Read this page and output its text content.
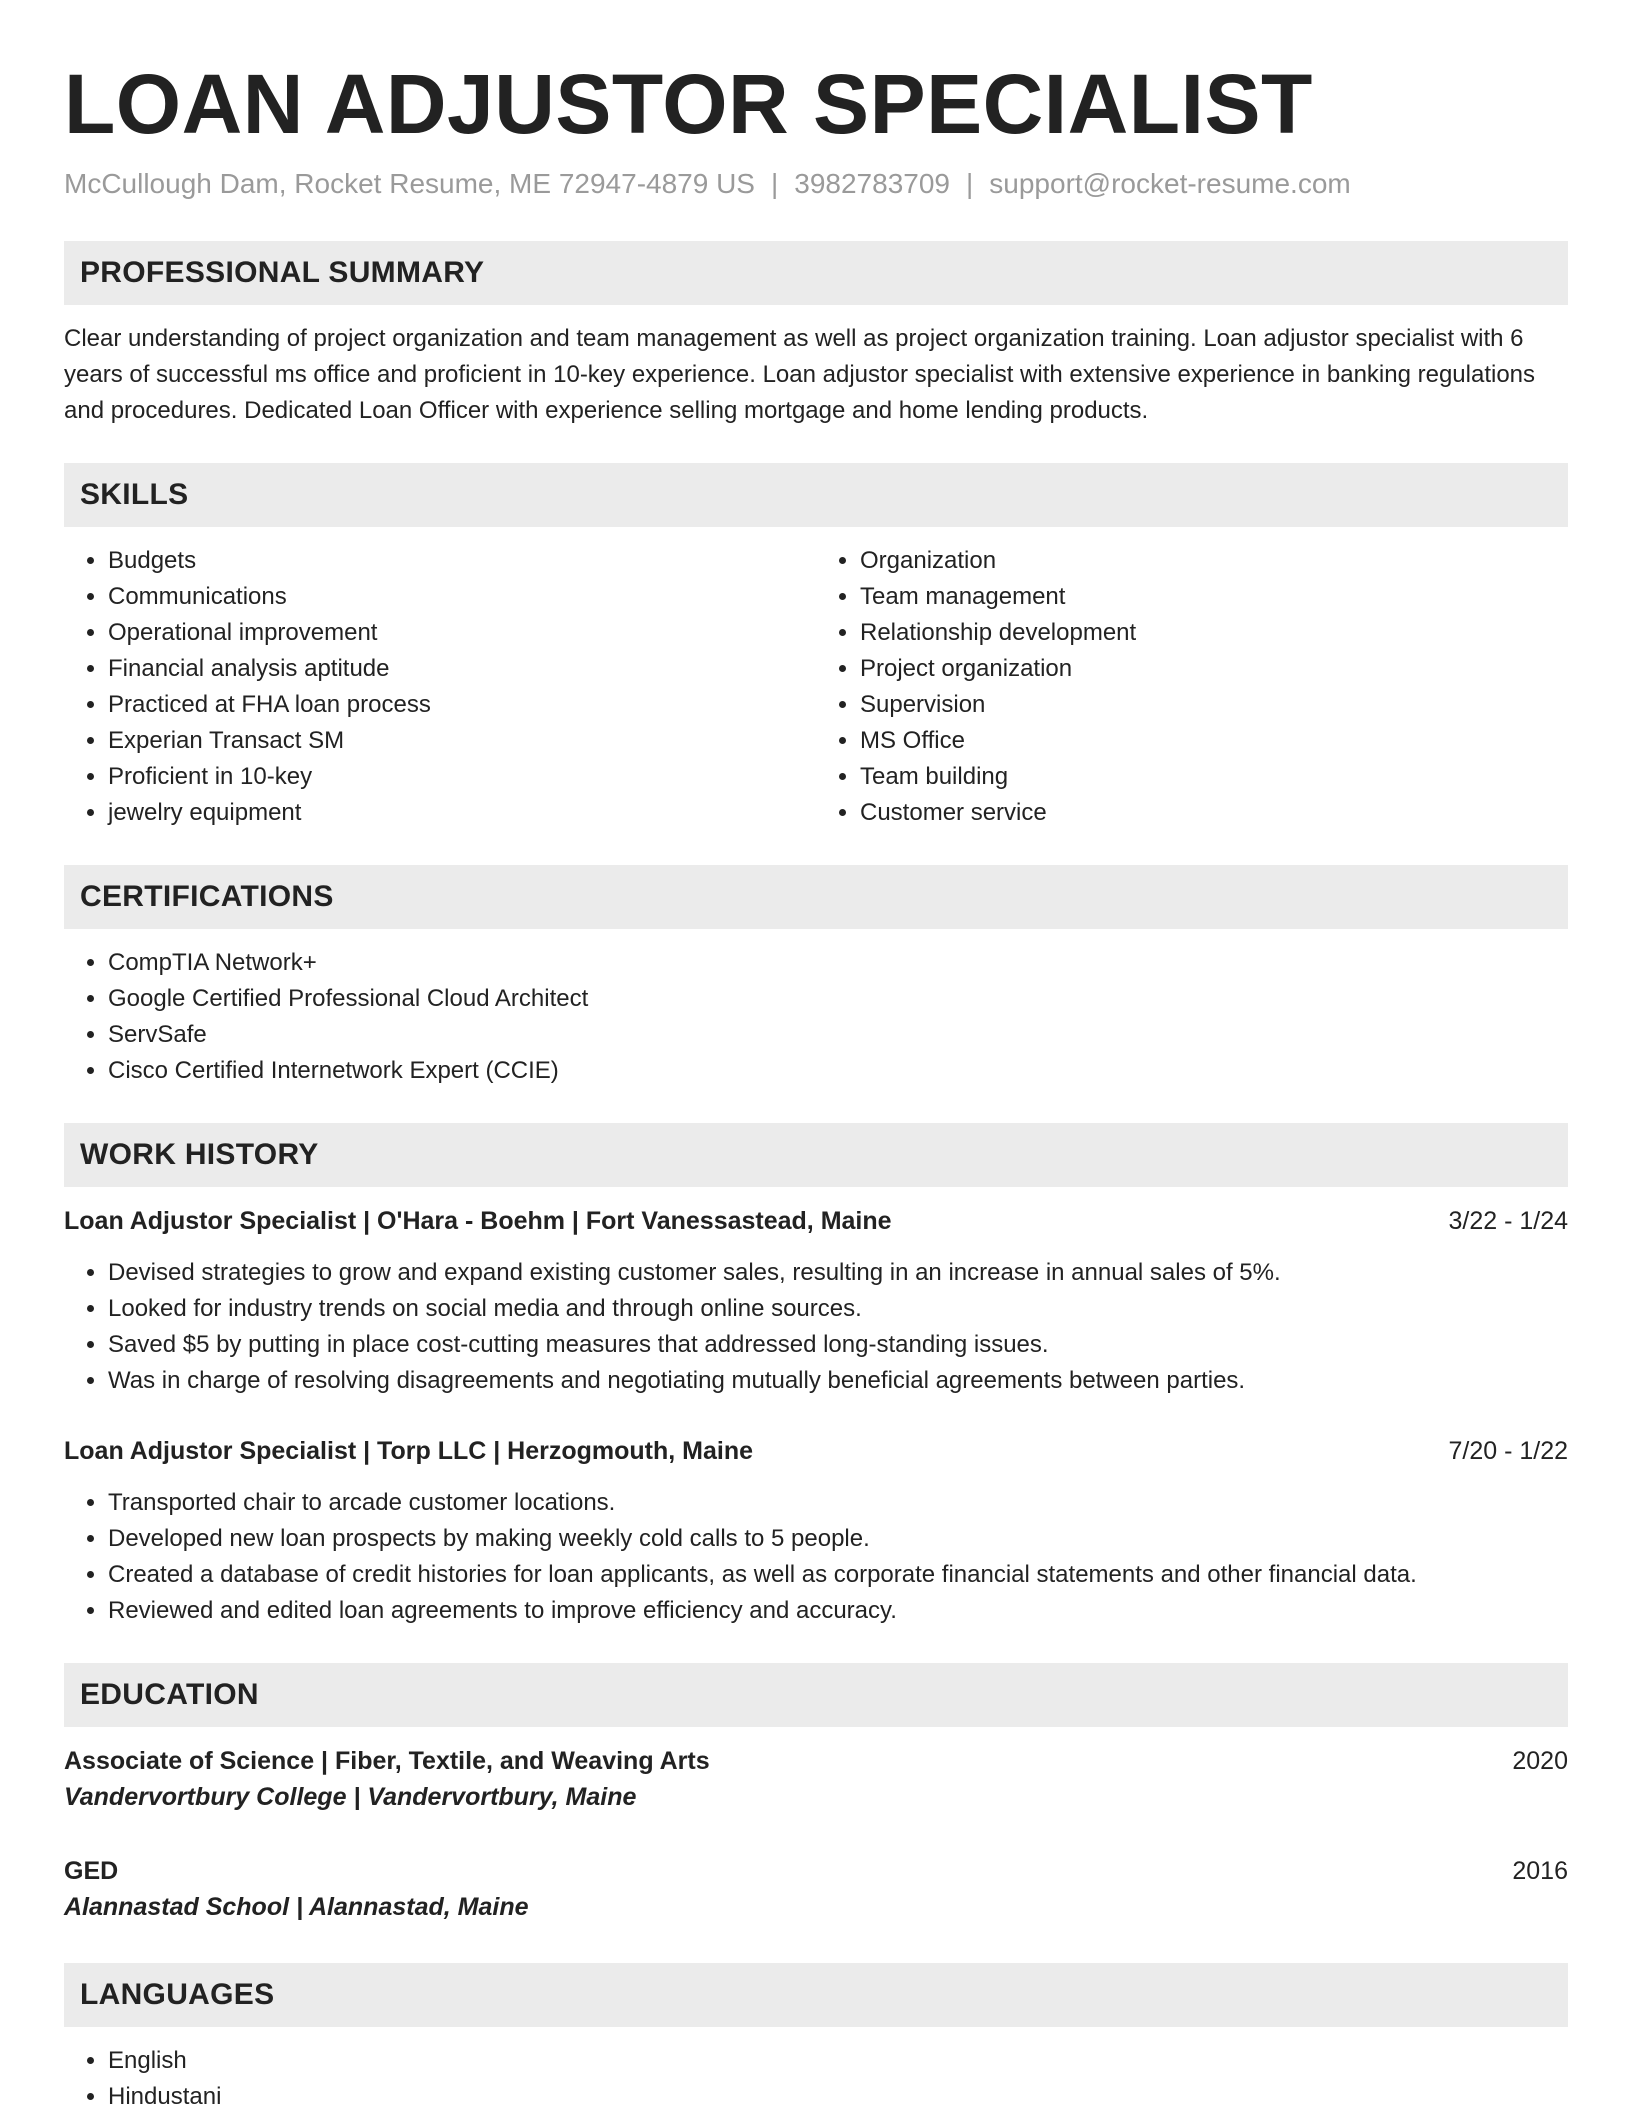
LOAN ADJUSTOR SPECIALIST
McCullough Dam, Rocket Resume, ME 72947-4879 US | 3982783709 | support@rocket-resume.com
PROFESSIONAL SUMMARY

Clear understanding of project organization and team management as well as project organization training. Loan adjustor specialist with 6 years of successful ms office and proficient in 10-key experience. Loan adjustor specialist with extensive experience in banking regulations and procedures. Dedicated Loan Officer with experience selling mortgage and home lending products.

SKILLS
• Budgets
• Communications
• Operational improvement
• Financial analysis aptitude
• Practiced at FHA loan process
• Experian Transact SM
• Proficient in 10-key
• jewelry equipment
• Organization
• Team management
• Relationship development
• Project organization
• Supervision
• MS Office
• Team building
• Customer service
CERTIFICATIONS
• CompTIA Network+
• Google Certified Professional Cloud Architect
• ServSafe
• Cisco Certified Internetwork Expert (CCIE)
WORK HISTORY
Loan Adjustor Specialist | O'Hara - Boehm | Fort Vanessastead, Maine	3/22 - 1/24
• Devised strategies to grow and expand existing customer sales, resulting in an increase in annual sales of 5%.
• Looked for industry trends on social media and through online sources.
• Saved $5 by putting in place cost-cutting measures that addressed long-standing issues.
• Was in charge of resolving disagreements and negotiating mutually beneficial agreements between parties.
Loan Adjustor Specialist | Torp LLC | Herzogmouth, Maine	7/20 - 1/22
• Transported chair to arcade customer locations.
• Developed new loan prospects by making weekly cold calls to 5 people.
• Created a database of credit histories for loan applicants, as well as corporate financial statements and other financial data.
• Reviewed and edited loan agreements to improve efficiency and accuracy.
EDUCATION
Associate of Science | Fiber, Textile, and Weaving Arts	2020
Vandervortbury College | Vandervortbury, Maine
GED	2016
Alannastad School | Alannastad, Maine
LANGUAGES
• English
• Hindustani
